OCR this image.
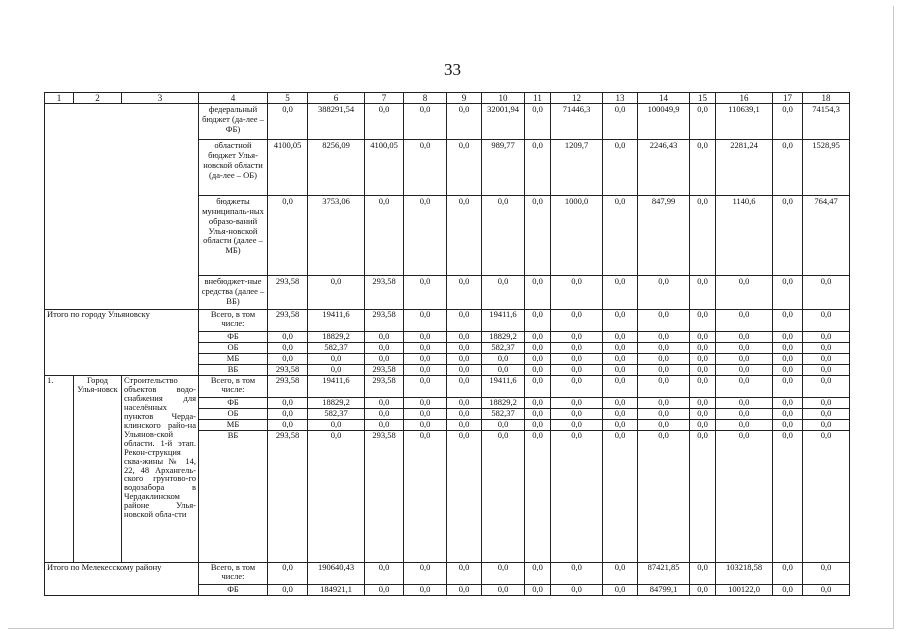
33
1	2	3	4	5	6	7	8	9	10	11	12	13	14	15	16	17	18
			федеральный бюджет (да-лее – ФБ)	0,0	388291,54	0,0	0,0	0,0	32001,94	0,0	71446,3	0,0	100049,9	0,0	110639,1	0,0	74154,3
			областной бюджет Улья-новской области (да-лее – ОБ)	4100,05	8256,09	4100,05	0,0	0,0	989,77	0,0	1209,7	0,0	2246,43	0,0	2281,24	0,0	1528,95
			бюджеты муниципаль-ных образо-ваний Улья-новской области (далее – МБ)	0,0	3753,06	0,0	0,0	0,0	0,0	0,0	1000,0	0,0	847,99	0,0	1140,6	0,0	764,47
			внебюджет-ные средства (далее – ВБ)	293,58	0,0	293,58	0,0	0,0	0,0	0,0	0,0	0,0	0,0	0,0	0,0	0,0	0,0
Итого по городу Ульяновску			Всего, в том числе:	293,58	19411,6	293,58	0,0	0,0	19411,6	0,0	0,0	0,0	0,0	0,0	0,0	0,0	0,0
			ФБ	0,0	18829,2	0,0	0,0	0,0	18829,2	0,0	0,0	0,0	0,0	0,0	0,0	0,0	0,0
			ОБ	0,0	582,37	0,0	0,0	0,0	582,37	0,0	0,0	0,0	0,0	0,0	0,0	0,0	0,0
			МБ	0,0	0,0	0,0	0,0	0,0	0,0	0,0	0,0	0,0	0,0	0,0	0,0	0,0	0,0
			ВБ	293,58	0,0	293,58	0,0	0,0	0,0	0,0	0,0	0,0	0,0	0,0	0,0	0,0	0,0
1.	Город Улья-новск	Строительство объектов водо-снабжения для населённых пунктов Черда-клинского райо-на Ульянов-ской области. 1-й этап. Рекон-струкция сква-жины № 14, 22, 48 Архангель-ского грунтово-го водозабора в Чердаклинском районе Улья-новской обла-сти	Всего, в том числе:	293,58	19411,6	293,58	0,0	0,0	19411,6	0,0	0,0	0,0	0,0	0,0	0,0	0,0	0,0
			ФБ	0,0	18829,2	0,0	0,0	0,0	18829,2	0,0	0,0	0,0	0,0	0,0	0,0	0,0	0,0
			ОБ	0,0	582,37	0,0	0,0	0,0	582,37	0,0	0,0	0,0	0,0	0,0	0,0	0,0	0,0
			МБ	0,0	0,0	0,0	0,0	0,0	0,0	0,0	0,0	0,0	0,0	0,0	0,0	0,0	0,0
			ВБ	293,58	0,0	293,58	0,0	0,0	0,0	0,0	0,0	0,0	0,0	0,0	0,0	0,0	0,0
Итого по Мелекесскому району			Всего, в том числе:	0,0	190640,43	0,0	0,0	0,0	0,0	0,0	0,0	0,0	87421,85	0,0	103218,58	0,0	0,0
			ФБ	0,0	184921,1	0,0	0,0	0,0	0,0	0,0	0,0	0,0	84799,1	0,0	100122,0	0,0	0,0
